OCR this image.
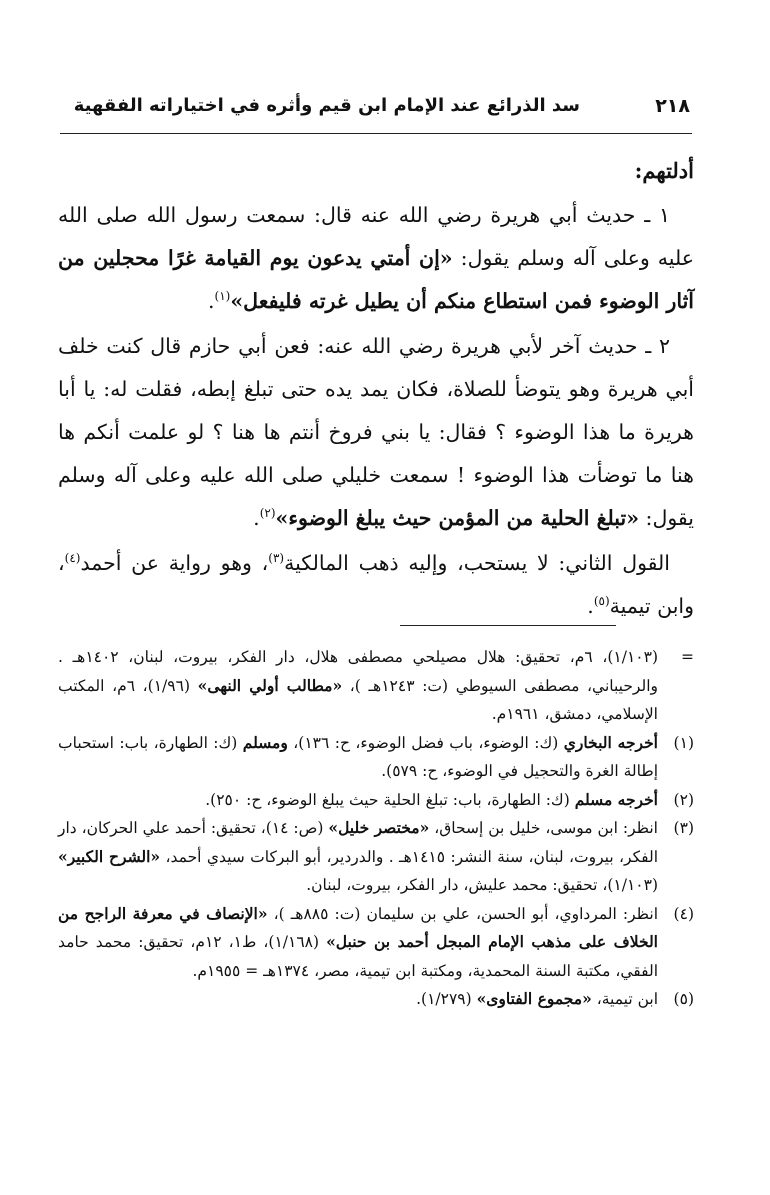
٢١٨
سد الذرائع عند الإمام ابن قيم وأثره في اختياراته الفقهية

أدلتهم:

١ ـ حديث أبي هريرة رضي الله عنه قال: سمعت رسول الله صلى الله عليه وعلى آله وسلم يقول: «إن أمتي يدعون يوم القيامة غرًا محجلين من آثار الوضوء فمن استطاع منكم أن يطيل غرته فليفعل»$^{(١)}$.

٢ ـ حديث آخر لأبي هريرة رضي الله عنه: فعن أبي حازم قال كنت خلف أبي هريرة وهو يتوضأ للصلاة، فكان يمد يده حتى تبلغ إبطه، فقلت له: يا أبا هريرة ما هذا الوضوء ؟ فقال: يا بني فروخ أنتم ها هنا ؟ لو علمت أنكم ها هنا ما توضأت هذا الوضوء ! سمعت خليلي صلى الله عليه وعلى آله وسلم يقول: «تبلغ الحلية من المؤمن حيث يبلغ الوضوء»$^{(٢)}$.

القول الثاني: لا يستحب، وإليه ذهب المالكية$^{(٣)}$، وهو رواية عن أحمد$^{(٤)}$، وابن تيمية$^{(٥)}$.

=
(١/١٠٣)، ٦م، تحقيق: هلال مصيلحي مصطفى هلال، دار الفكر، بيروت، لبنان، ١٤٠٢هـ . والرحيباني، مصطفى السيوطي (ت: ١٢٤٣هـ )، «مطالب أولي النهى» (١/٩٦)، ٦م، المكتب الإسلامي، دمشق، ١٩٦١م.
(١)
أخرجه البخاري (ك: الوضوء، باب فضل الوضوء، ح: ١٣٦)، ومسلم (ك: الطهارة، باب: استحباب إطالة الغرة والتحجيل في الوضوء، ح: ٥٧٩).
(٢)
أخرجه مسلم (ك: الطهارة، باب: تبلغ الحلية حيث يبلغ الوضوء، ح: ٢٥٠).
(٣)
انظر: ابن موسى، خليل بن إسحاق، «مختصر خليل» (ص: ١٤)، تحقيق: أحمد علي الحركان، دار الفكر، بيروت، لبنان، سنة النشر: ١٤١٥هـ . والدردير، أبو البركات سيدي أحمد، «الشرح الكبير» (١/١٠٣)، تحقيق: محمد عليش، دار الفكر، بيروت، لبنان.
(٤)
انظر: المرداوي، أبو الحسن، علي بن سليمان (ت: ٨٨٥هـ )، «الإنصاف في معرفة الراجح من الخلاف على مذهب الإمام المبجل أحمد بن حنبل» (١/١٦٨)، ط١، ١٢م، تحقيق: محمد حامد الفقي، مكتبة السنة المحمدية، ومكتبة ابن تيمية، مصر، ١٣٧٤هـ = ١٩٥٥م.
(٥)
ابن تيمية، «مجموع الفتاوى» (١/٢٧٩).
